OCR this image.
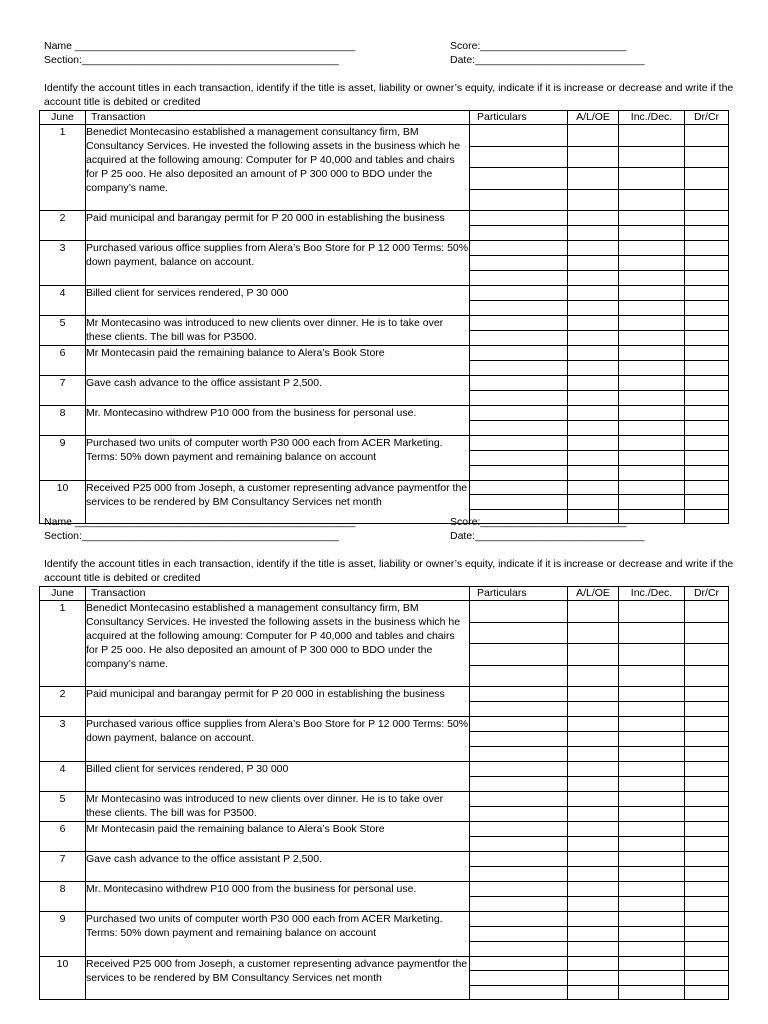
Name ________________________________________________
Section:____________________________________________
Score:_________________________
Date:_____________________________
Identify the account titles in each transaction, identify if the title is asset, liability or owner’s equity, indicate if it is increase or decrease and write if the account title is debited or credited
June	Transaction	Particulars	A/L/OE	Inc./Dec.	Dr/Cr
1	Benedict Montecasino established a management consultancy firm, BM Consultancy Services. He invested the following assets in the business which he acquired at the following amoung: Computer for P 40,000 and tables and chairs for P 25 ooo. He also deposited an amount of P 300 000 to BDO under the company’s name.	

2	Paid municipal and barangay permit for P 20 000 in establishing the business	

3	Purchased various office supplies from Alera’s Boo Store for P 12 000 Terms: 50% down payment, balance on account.	

4	Billed client for services rendered, P 30 000	

5	Mr Montecasino was introduced to new clients over dinner. He is to take over these clients. The bill was for P3500.	

6	Mr Montecasin paid the remaining balance to Alera’s Book Store	

7	Gave cash advance to the office assistant P 2,500.	

8	Mr. Montecasino withdrew P10 000 from the business for personal use.	

9	Purchased two units of computer worth P30 000 each from ACER Marketing. Terms: 50% down payment and remaining balance on account	

10	Received P25 000 from Joseph, a customer representing advance paymentfor the services to be rendered by BM Consultancy Services net month	

Name ________________________________________________
Section:____________________________________________
Score:_________________________
Date:_____________________________
Identify the account titles in each transaction, identify if the title is asset, liability or owner’s equity, indicate if it is increase or decrease and write if the account title is debited or credited
June	Transaction	Particulars	A/L/OE	Inc./Dec.	Dr/Cr
1	Benedict Montecasino established a management consultancy firm, BM Consultancy Services. He invested the following assets in the business which he acquired at the following amoung: Computer for P 40,000 and tables and chairs for P 25 ooo. He also deposited an amount of P 300 000 to BDO under the company’s name.	

2	Paid municipal and barangay permit for P 20 000 in establishing the business	

3	Purchased various office supplies from Alera’s Boo Store for P 12 000 Terms: 50% down payment, balance on account.	

4	Billed client for services rendered, P 30 000	

5	Mr Montecasino was introduced to new clients over dinner. He is to take over these clients. The bill was for P3500.	

6	Mr Montecasin paid the remaining balance to Alera’s Book Store	

7	Gave cash advance to the office assistant P 2,500.	

8	Mr. Montecasino withdrew P10 000 from the business for personal use.	

9	Purchased two units of computer worth P30 000 each from ACER Marketing. Terms: 50% down payment and remaining balance on account	

10	Received P25 000 from Joseph, a customer representing advance paymentfor the services to be rendered by BM Consultancy Services net month	
